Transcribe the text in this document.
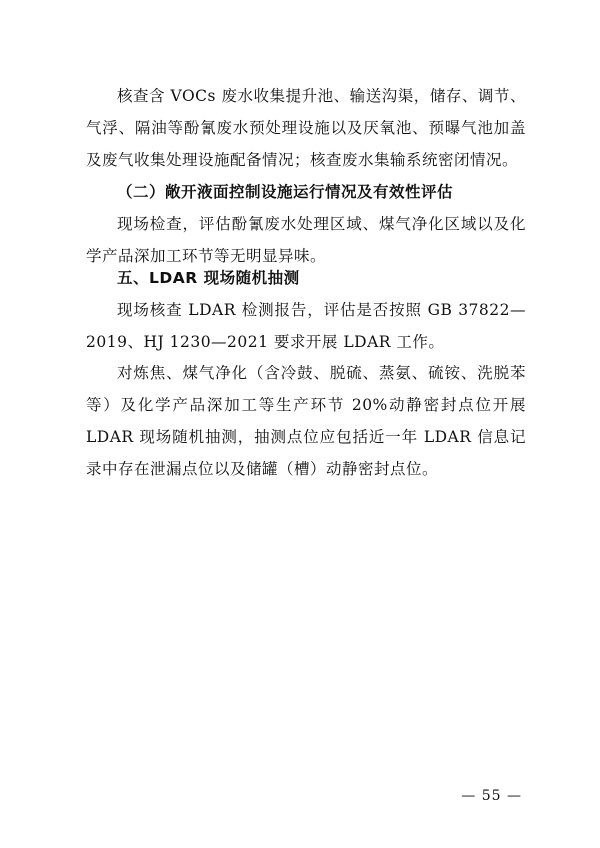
核查含 VOCs 废水收集提升池、输送沟渠，储存、调节、气浮、隔油等酚氰废水预处理设施以及厌氧池、预曝气池加盖及废气收集处理设施配备情况；核查废水集输系统密闭情况。

（二）敞开液面控制设施运行情况及有效性评估

现场检查，评估酚氰废水处理区域、煤气净化区域以及化学产品深加工环节等无明显异味。

五、LDAR 现场随机抽测

现场核查 LDAR 检测报告，评估是否按照 GB 37822—2019、HJ 1230—2021 要求开展 LDAR 工作。

对炼焦、煤气净化（含冷鼓、脱硫、蒸氨、硫铵、洗脱苯等）及化学产品深加工等生产环节 20%动静密封点位开展 LDAR 现场随机抽测，抽测点位应包括近一年 LDAR 信息记录中存在泄漏点位以及储罐（槽）动静密封点位。

— 55 —
